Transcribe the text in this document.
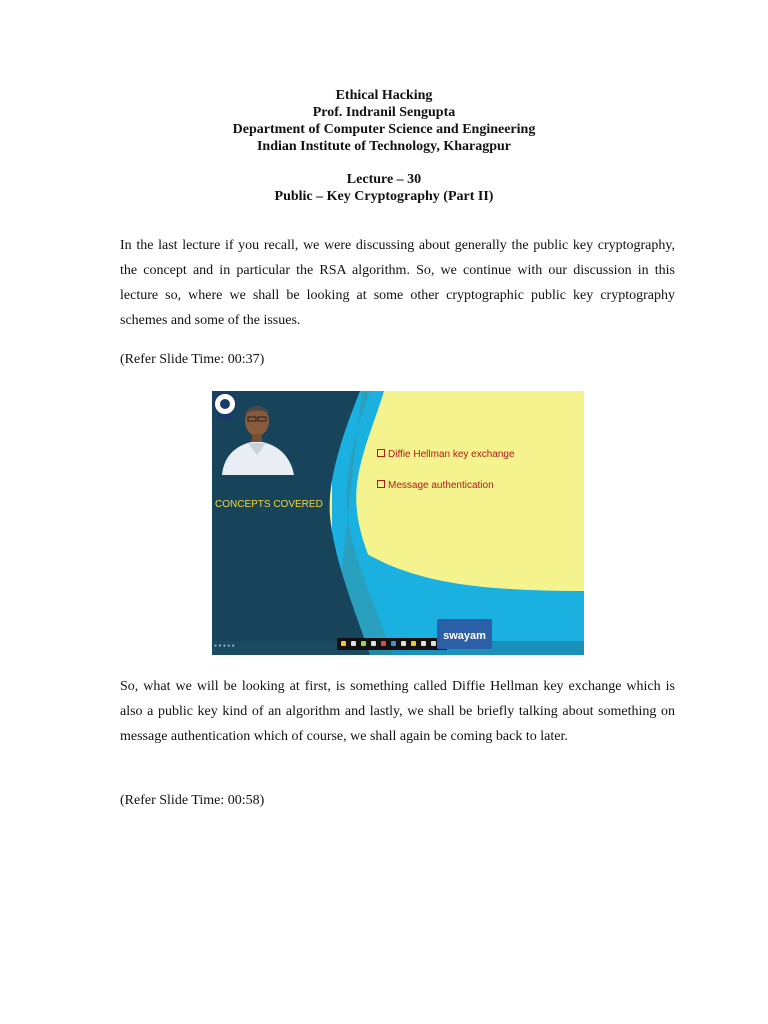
Ethical Hacking
Prof. Indranil Sengupta
Department of Computer Science and Engineering
Indian Institute of Technology, Kharagpur
Lecture – 30
Public – Key Cryptography (Part II)
In the last lecture if you recall, we were discussing about generally the public key cryptography, the concept and in particular the RSA algorithm. So, we continue with our discussion in this lecture so, where we shall be looking at some other cryptographic public key cryptography schemes and some of the issues.
(Refer Slide Time: 00:37)
CONCEPTS COVERED
Diffie Hellman key exchange
Message authentication
swayam
● ● ● ● ●
So, what we will be looking at first, is something called Diffie Hellman key exchange which is also a public key kind of an algorithm and lastly, we shall be briefly talking about something on message authentication which of course, we shall again be coming back to later.
(Refer Slide Time: 00:58)
